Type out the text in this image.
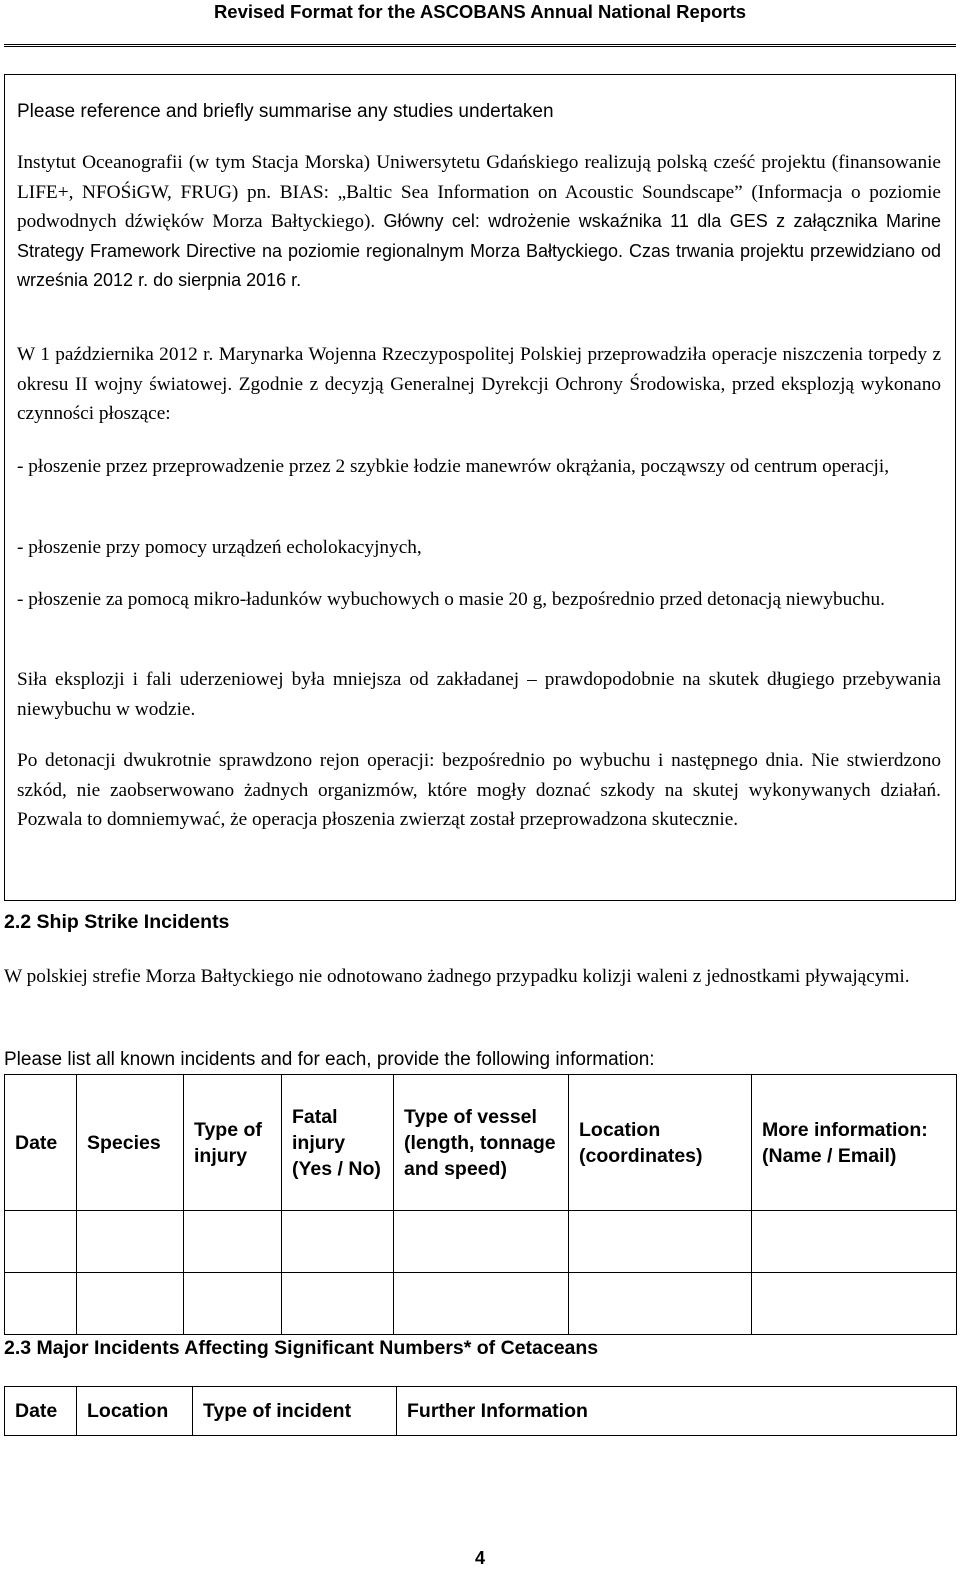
Revised Format for the ASCOBANS Annual National Reports

Please reference and briefly summarise any studies undertaken

Instytut Oceanografii (w tym Stacja Morska) Uniwersytetu Gdańskiego realizują polską cześć projektu (finansowanie LIFE+, NFOŚiGW, FRUG) pn. BIAS: „Baltic Sea Information on Acoustic Soundscape” (Informacja o poziomie podwodnych dźwięków Morza Bałtyckiego). Główny cel: wdrożenie wskaźnika 11 dla GES z załącznika Marine Strategy Framework Directive na poziomie regionalnym Morza Bałtyckiego. Czas trwania projektu przewidziano od września 2012 r. do sierpnia 2016 r.

W 1 października 2012 r. Marynarka Wojenna Rzeczypospolitej Polskiej przeprowadziła operacje niszczenia torpedy z okresu II wojny światowej. Zgodnie z decyzją Generalnej Dyrekcji Ochrony Środowiska, przed eksplozją wykonano czynności płoszące:

- płoszenie przez przeprowadzenie przez 2 szybkie łodzie manewrów okrążania, począwszy od centrum operacji,

- płoszenie przy pomocy urządzeń echolokacyjnych,

- płoszenie za pomocą mikro-ładunków wybuchowych o masie 20 g, bezpośrednio przed detonacją niewybuchu.

Siła eksplozji i fali uderzeniowej była mniejsza od zakładanej – prawdopodobnie na skutek długiego przebywania niewybuchu w wodzie.

Po detonacji dwukrotnie sprawdzono rejon operacji: bezpośrednio po wybuchu i następnego dnia. Nie stwierdzono szkód, nie zaobserwowano żadnych organizmów, które mogły doznać szkody na skutej wykonywanych działań. Pozwala to domniemywać, że operacja płoszenia zwierząt został przeprowadzona skutecznie.

2.2 Ship Strike Incidents

W polskiej strefie Morza Bałtyckiego nie odnotowano żadnego przypadku kolizji waleni z jednostkami pływającymi.

Please list all known incidents and for each, provide the following information:

Date	Species	Type of injury	Fatal injury (Yes / No)	Type of vessel (length, tonnage and speed)	Location (coordinates)	More information: (Name / Email)

2.3 Major Incidents Affecting Significant Numbers* of Cetaceans
Date	Location	Type of incident	Further Information
4
